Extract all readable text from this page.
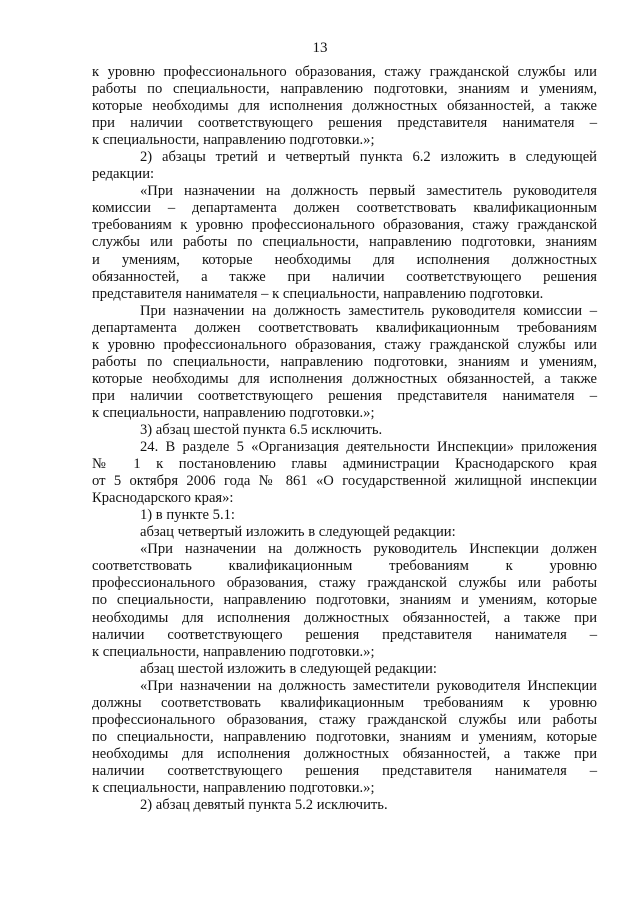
13

к уровню профессионального образования, стажу гражданской службы или

работы по специальности, направлению подготовки, знаниям и умениям,

которые необходимы для исполнения должностных обязанностей, а также

при наличии соответствующего решения представителя нанимателя –

к специальности, направлению подготовки.»;

2) абзацы третий и четвертый пункта 6.2 изложить в следующей

редакции:

«При назначении на должность первый заместитель руководителя

комиссии – департамента должен соответствовать квалификационным

требованиям к уровню профессионального образования, стажу гражданской

службы или работы по специальности, направлению подготовки, знаниям

и умениям, которые необходимы для исполнения должностных

обязанностей, а также при наличии соответствующего решения

представителя нанимателя – к специальности, направлению подготовки.

При назначении на должность заместитель руководителя комиссии –

департамента должен соответствовать квалификационным требованиям

к уровню профессионального образования, стажу гражданской службы или

работы по специальности, направлению подготовки, знаниям и умениям,

которые необходимы для исполнения должностных обязанностей, а также

при наличии соответствующего решения представителя нанимателя –

к специальности, направлению подготовки.»;

3) абзац шестой пункта 6.5 исключить.

24. В разделе 5 «Организация деятельности Инспекции» приложения

№ 1 к постановлению главы администрации Краснодарского края

от 5 октября 2006 года № 861 «О государственной жилищной инспекции

Краснодарского края»:

1) в пункте 5.1:

абзац четвертый изложить в следующей редакции:

«При назначении на должность руководитель Инспекции должен

соответствовать квалификационным требованиям к уровню

профессионального образования, стажу гражданской службы или работы

по специальности, направлению подготовки, знаниям и умениям, которые

необходимы для исполнения должностных обязанностей, а также при

наличии соответствующего решения представителя нанимателя –

к специальности, направлению подготовки.»;

абзац шестой изложить в следующей редакции:

«При назначении на должность заместители руководителя Инспекции

должны соответствовать квалификационным требованиям к уровню

профессионального образования, стажу гражданской службы или работы

по специальности, направлению подготовки, знаниям и умениям, которые

необходимы для исполнения должностных обязанностей, а также при

наличии соответствующего решения представителя нанимателя –

к специальности, направлению подготовки.»;

2) абзац девятый пункта 5.2 исключить.
